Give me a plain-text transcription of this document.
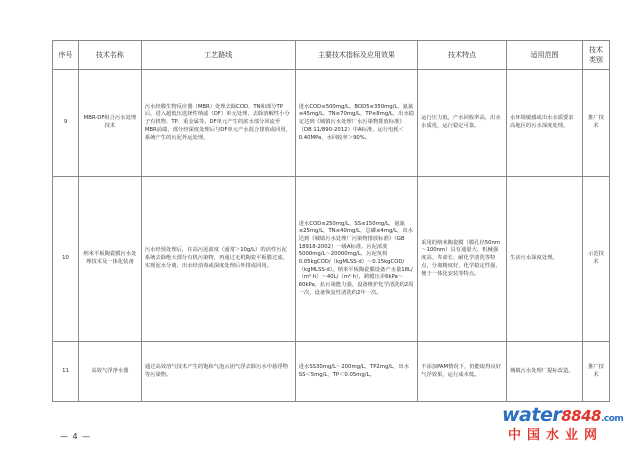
序号	技术名称	工艺路线	主要技术指标及应用效果	技术特点	适用范围	技术类别
9	MBR-DF组合污水处理技术	污水经膜生物反应器（MBR）处理去除COD、TN和部分TP后，进入超低压选择性纳滤（DF）单元处理，去除溶解性小分子有机物、TP、重金属等。DF单元产生的浓水部分回流至MBR前端，部分经深度处理后与DF单元产水混合排放或回用，系统产生的污泥外运处理。	进水COD≤500mg/L，BOD5≤350mg/L，氨氮≤45mg/L，TN≤70mg/L，TP≤8mg/L，出水稳定达到《城镇污水处理厂水污染物排放标准》（DB 11/890-2012）中A标准，运行电耗＜0.40MPa，水回收率＞90%。	运行压力低，产水回收率高，出水水质优，运行稳定可靠。	水环境敏感或出水水质要求高地区的污水深度处理。	推广技术
10	纳米平板陶瓷膜污水处理技术及一体化装备	污水经预处理后，在高污泥浓度（通常＞10g/L）的活性污泥系统去除绝大部分有机污染物，再通过无机陶瓷平板膜过滤，实现泥水分离，出水经消毒或深度处理后外排或回用。	进水COD≤250mg/L，SS≤150mg/L，氨氮≤25mg/L，TN≤40mg/L，总磷≤4mg/L，出水达到《城镇污水处理厂污染物排放标准》（GB 18918-2002）一级A标准。污泥浓度5000mg/L～20000mg/L，污泥负荷0.05kgCOD/（kgMLSS·d）～0.15kgCOD/（kgMLSS·d）。纳米平板陶瓷膜设备产水量18L/（m²·h）～40L/（m²·h），跨膜压差6kPa～60kPa，抗污染能力强，设备维护化学清洗约2周一次，设备恢复性清洗约2年一次。	采用的纳米陶瓷膜（膜孔径50nm～100nm）具有通量大、机械强度高、寿命长、耐化学清洗等特点，分离精度好，化学稳定性强，便于一体化安装等特点。	生活污水深度处理。	示范技术
11	高效气浮净水器	通过高效溶气技术产生的饱和气泡云团气浮去除污水中悬浮物等污染物。	进水SS30mg/L～200mg/L、TP2mg/L，出水SS＜5mg/L、TP＜0.05mg/L。	不添加PAM情况下，仍能取得良好气浮效果，运行成本低。	城镇污水处理厂提标改造。	推广技术
— 4 —
water8848.com
中国水业网
